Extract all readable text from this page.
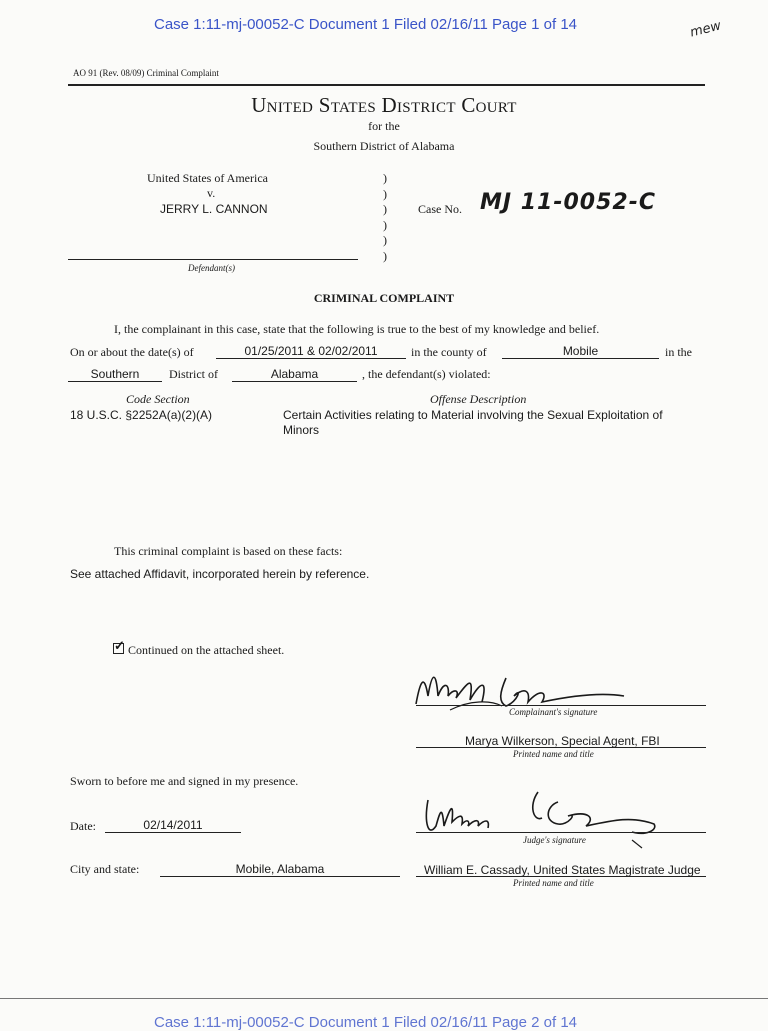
Case 1:11-mj-00052-C Document 1 Filed 02/16/11 Page 1 of 14	mew
AO 91 (Rev. 08/09) Criminal Complaint
United States District Court
for the
Southern District of Alabama
United States of America
v.
JERRY L. CANNON
Defendant(s)
)
)
)
)
)
)
Case No. MJ 11-0052-C
CRIMINAL COMPLAINT
I, the complainant in this case, state that the following is true to the best of my knowledge and belief.
On or about the date(s) of	01/25/2011 & 02/02/2011	in the county of	Mobile	in the
Southern	District of	Alabama	, the defendant(s) violated:
Code Section	Offense Description
18 U.S.C. §2252A(a)(2)(A)	Certain Activities relating to Material involving the Sexual Exploitation of
Minors
This criminal complaint is based on these facts:
See attached Affidavit, incorporated herein by reference.
✓ Continued on the attached sheet.
Complainant's signature
Marya Wilkerson, Special Agent, FBI
Printed name and title
Sworn to before me and signed in my presence.
Judge's signature
Date:	02/14/2011
City and state:	Mobile, Alabama	William E. Cassady, United States Magistrate Judge
Printed name and title
Case 1:11-mj-00052-C Document 1 Filed 02/16/11 Page 2 of 14
